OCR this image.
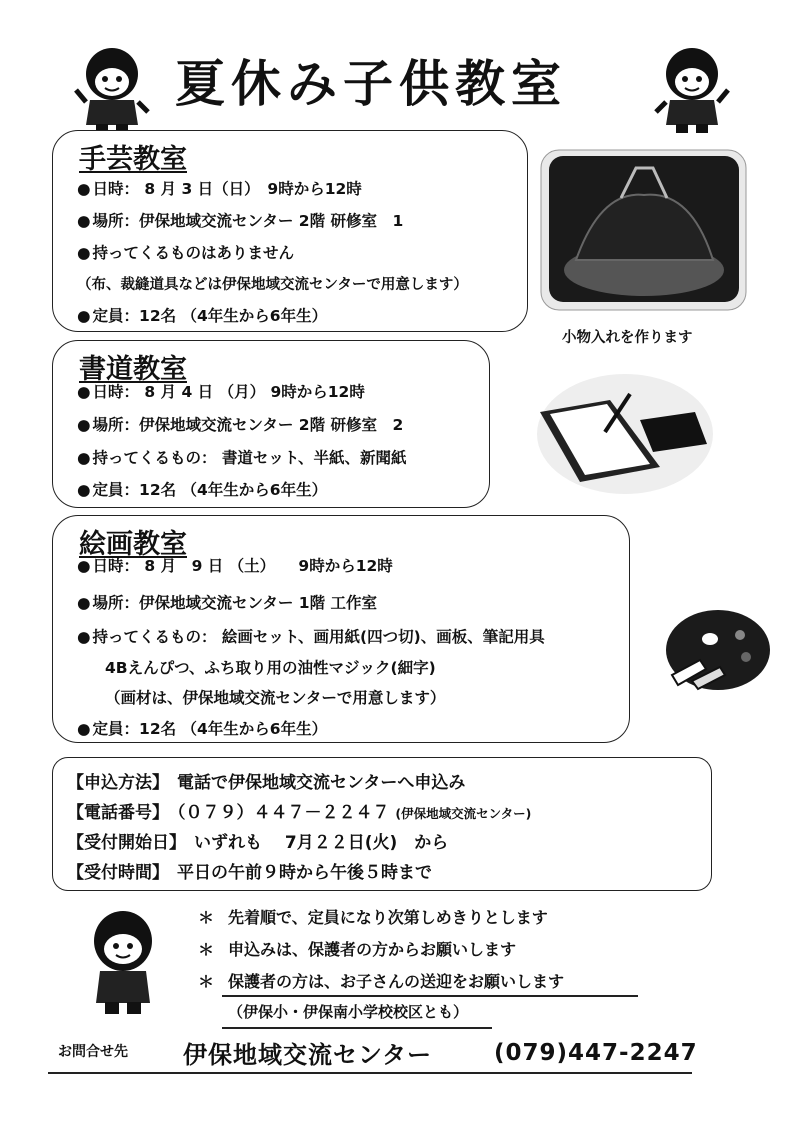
夏休み子供教室
手芸教室
● 日時： 8 月 3 日（日）　9時から12時
● 場所：伊保地域交流センター 2階 研修室　1
● 持ってくるものはありません
（布、裁縫道具などは伊保地域交流センターで用意します）
● 定員：12名 （4年生から6年生）
小物入れを作ります
書道教室
● 日時： 8 月 4 日 （月） 9時から12時
● 場所：伊保地域交流センター 2階 研修室　2
● 持ってくるもの： 書道セット、半紙、新聞紙
● 定員：12名 （4年生から6年生）
絵画教室
● 日時： 8 月　9 日 （土）　　9時から12時
● 場所：伊保地域交流センター 1階 工作室
● 持ってくるもの： 絵画セット、画用紙(四つ切)、画板、筆記用具
4Bえんぴつ、ふち取り用の油性マジック(細字)
（画材は、伊保地域交流センターで用意します）
● 定員：12名 （4年生から6年生）
【申込方法】 電話で伊保地域交流センターへ申込み
【電話番号】 （０７９）４４７－２２４７ (伊保地域交流センター)
【受付開始日】 いずれも　 7月２２日(火)　から
【受付時間】 平日の午前９時から午後５時まで
＊ 先着順で、定員になり次第しめきりとします
＊ 申込みは、保護者の方からお願いします
＊ 保護者の方は、お子さんの送迎をお願いします
（伊保小・伊保南小学校校区とも）
お問合せ先 伊保地域交流センター	(079)447-2247
